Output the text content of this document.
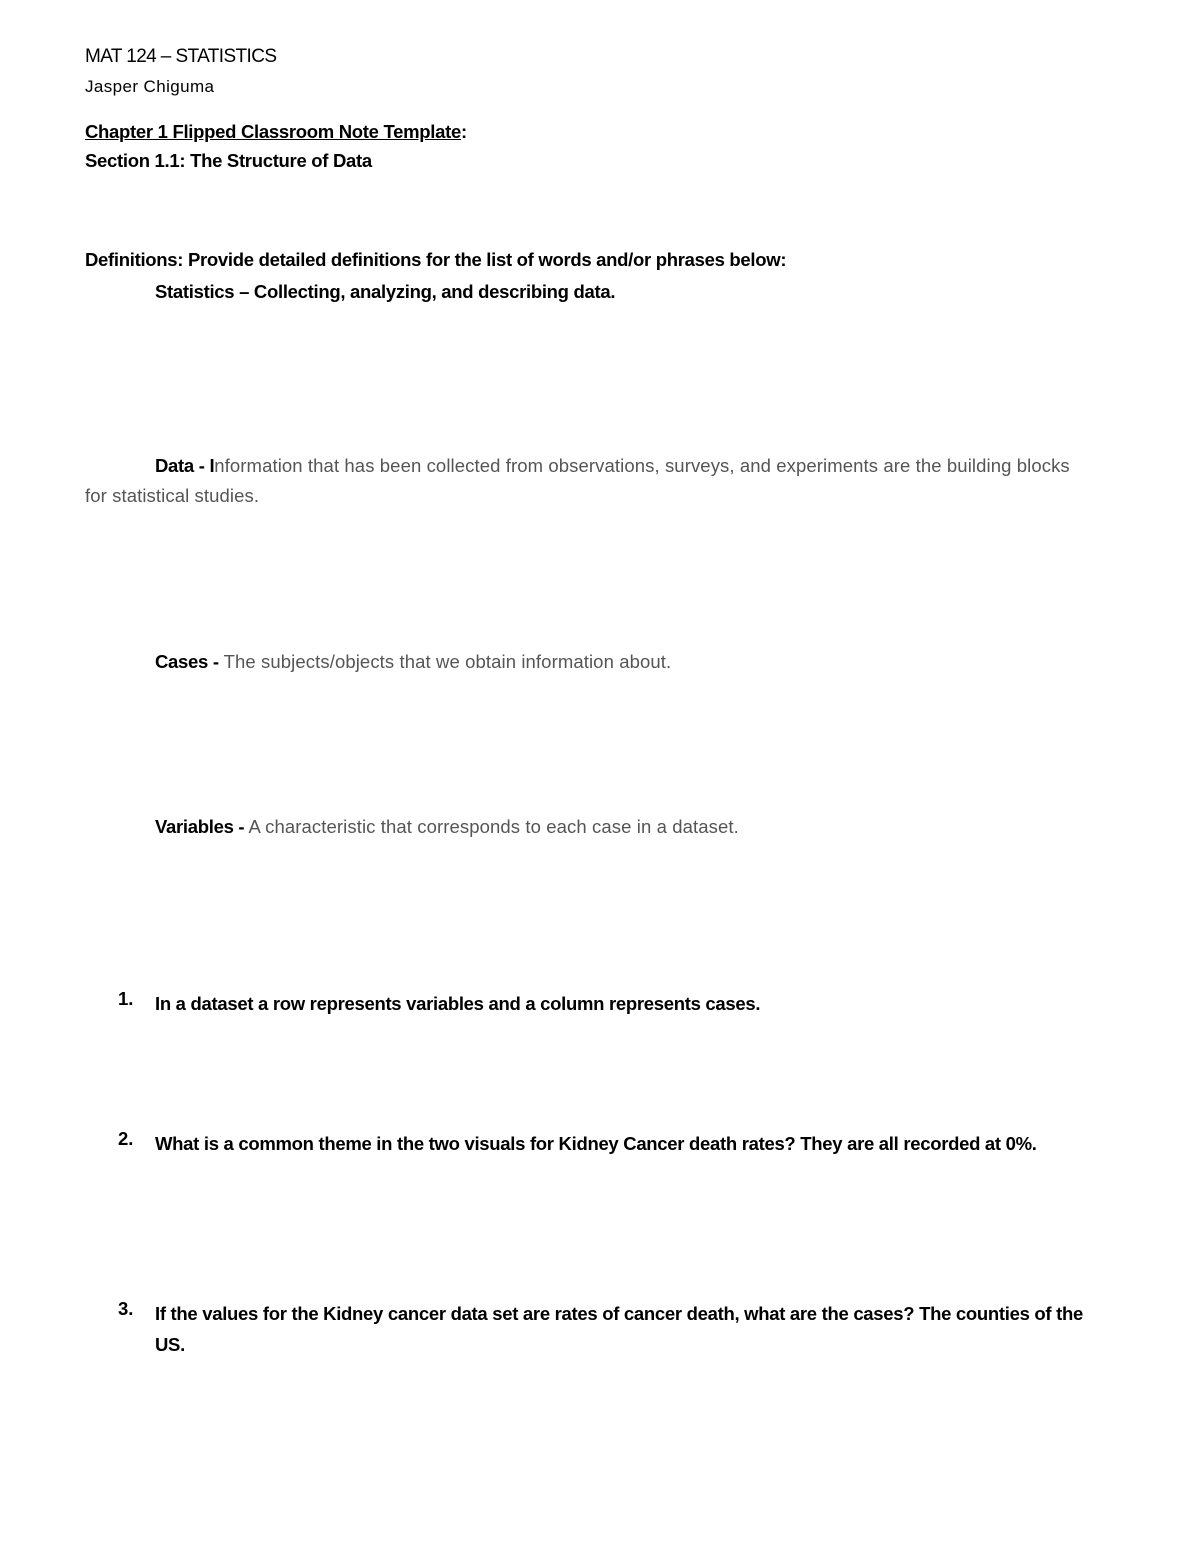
MAT 124 – STATISTICS
Jasper Chiguma
Chapter 1 Flipped Classroom Note Template:
Section 1.1: The Structure of Data
Definitions: Provide detailed definitions for the list of words and/or phrases below:
Statistics – Collecting, analyzing, and describing data.
Data - Information that has been collected from observations, surveys, and experiments are the building blocks for statistical studies.
Cases - The subjects/objects that we obtain information about.
Variables - A characteristic that corresponds to each case in a dataset.
1. In a dataset a row represents variables and a column represents cases.
2. What is a common theme in the two visuals for Kidney Cancer death rates? They are all recorded at 0%.
3. If the values for the Kidney cancer data set are rates of cancer death, what are the cases? The counties of the US.
